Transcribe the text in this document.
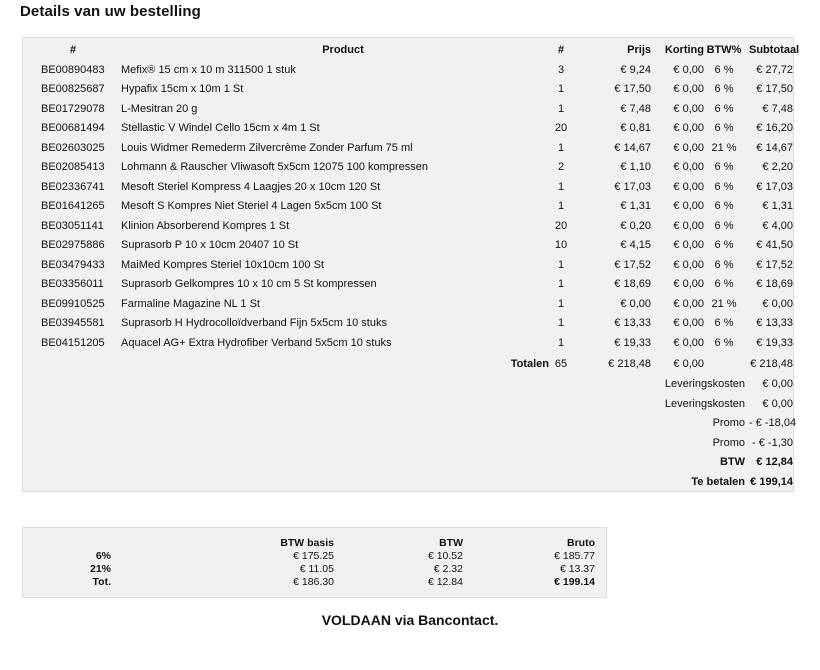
Details van uw bestelling
#	Product	#	Prijs	Korting BTW% Subtotaal
BE00890483 Mefix® 15 cm x 10 m 311500 1 stuk	3	€ 9,24	€ 0,00 6 %	€ 27,72
BE00825687 Hypafix 15cm x 10m 1 St	1	€ 17,50	€ 0,00 6 %	€ 17,50
BE01729078 L-Mesitran 20 g	1	€ 7,48	€ 0,00 6 %	€ 7,48
BE00681494 Stellastic V Windel Cello 15cm x 4m 1 St	20	€ 0,81	€ 0,00 6 %	€ 16,20
BE02603025 Louis Widmer Remederm Zilvercrème Zonder Parfum 75 ml	1	€ 14,67	€ 0,00 21 %	€ 14,67
BE02085413 Lohmann & Rauscher Vliwasoft 5x5cm 12075 100 kompressen	2	€ 1,10	€ 0,00 6 %	€ 2,20
BE02336741 Mesoft Steriel Kompress 4 Laagjes 20 x 10cm 120 St	1	€ 17,03	€ 0,00 6 %	€ 17,03
BE01641265 Mesoft S Kompres Niet Steriel 4 Lagen 5x5cm 100 St	1	€ 1,31	€ 0,00 6 %	€ 1,31
BE03051141 Klinion Absorberend Kompres 1 St	20	€ 0,20	€ 0,00 6 %	€ 4,00
BE02975886 Suprasorb P 10 x 10cm 20407 10 St	10	€ 4,15	€ 0,00 6 %	€ 41,50
BE03479433 MaiMed Kompres Steriel 10x10cm 100 St	1	€ 17,52	€ 0,00 6 %	€ 17,52
BE03356011 Suprasorb Gelkompres 10 x 10 cm 5 St kompressen	1	€ 18,69	€ 0,00 6 %	€ 18,69
BE09910525 Farmaline Magazine NL 1 St	1	€ 0,00	€ 0,00 21 %	€ 0,00
BE03945581 Suprasorb H Hydrocolloïdverband Fijn 5x5cm 10 stuks	1	€ 13,33	€ 0,00 6 %	€ 13,33
BE04151205 Aquacel AG+ Extra Hydrofiber Verband 5x5cm 10 stuks	1	€ 19,33	€ 0,00 6 %	€ 19,33
Totalen 65	€ 218,48	€ 0,00	€ 218,48
Leveringskosten	€ 0,00
Leveringskosten	€ 0,00
Promo - € -18,04
Promo - € -1,30
BTW	€ 12,84
Te betalen € 199,14
BTW basis	BTW	Bruto
6%	€ 175.25	€ 10.52	€ 185.77
21%	€ 11.05	€ 2.32	€ 13.37
Tot.	€ 186.30	€ 12.84	€ 199.14
VOLDAAN via Bancontact.
